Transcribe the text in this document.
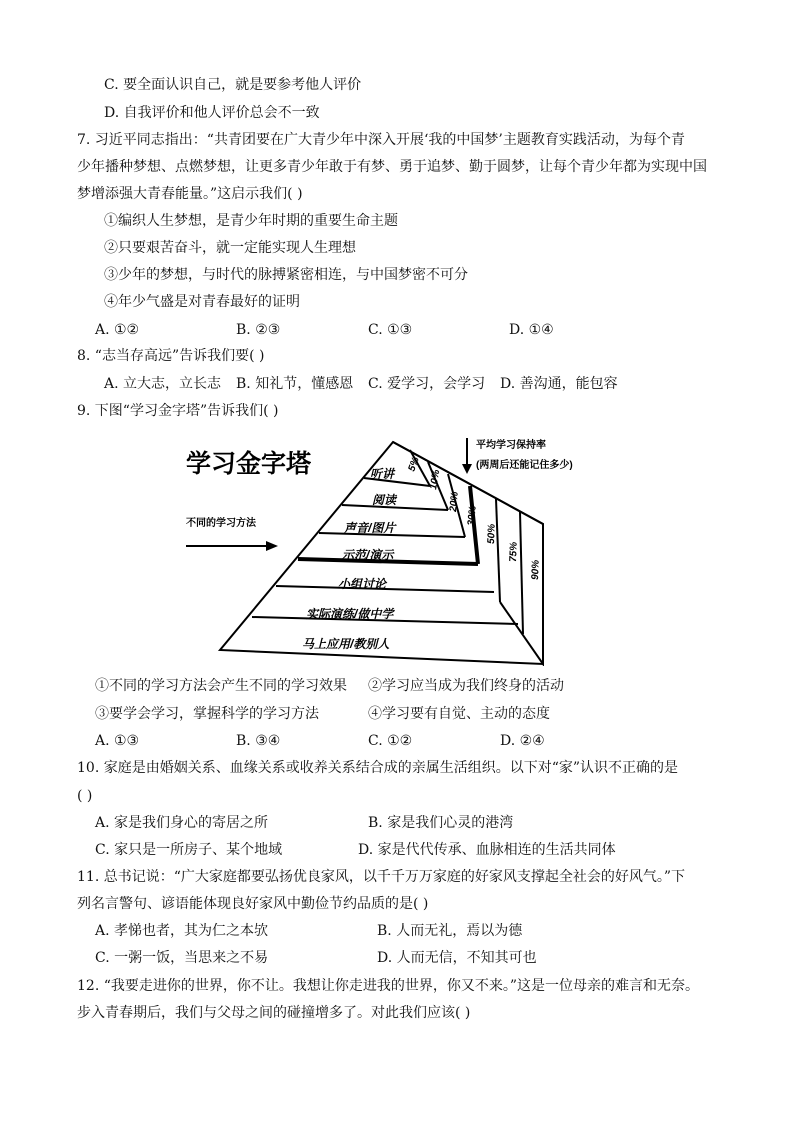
C. 要全面认识自己，就是要参考他人评价
D. 自我评价和他人评价总会不一致
7. 习近平同志指出：“共青团要在广大青少年中深入开展‘我的中国梦’主题教育实践活动，为每个青
少年播种梦想、点燃梦想，让更多青少年敢于有梦、勇于追梦、勤于圆梦，让每个青少年都为实现中国
梦增添强大青春能量。”这启示我们( )
①编织人生梦想，是青少年时期的重要生命主题
②只要艰苦奋斗，就一定能实现人生理想
③少年的梦想，与时代的脉搏紧密相连，与中国梦密不可分
④年少气盛是对青春最好的证明
A. ①②	B. ②③	C. ①③	D. ①④
8. “志当存高远”告诉我们要( )
A. 立大志，立长志 B. 知礼节，懂感恩 C. 爱学习，会学习 D. 善沟通，能包容
9. 下图“学习金字塔”告诉我们( )
学习金字塔
平均学习保持率
(两周后还能记住多少)
不同的学习方法
听讲
阅读
声音/图片
示范/演示
小组讨论
实际演练/做中学
马上应用/教别人
5%
10%
20%
30%
50%
75%
90%
①不同的学习方法会产生不同的学习效果 ②学习应当成为我们终身的活动
③要学会学习，掌握科学的学习方法	④学习要有自觉、主动的态度
A. ①③	B. ③④	C. ①②	D. ②④
10. 家庭是由婚姻关系、血缘关系或收养关系结合成的亲属生活组织。以下对“家”认识不正确的是
( )
A. 家是我们身心的寄居之所	B. 家是我们心灵的港湾
C. 家只是一所房子、某个地域	D. 家是代代传承、血脉相连的生活共同体
11. 总书记说：“广大家庭都要弘扬优良家风，以千千万万家庭的好家风支撑起全社会的好风气。”下
列名言警句、谚语能体现良好家风中勤俭节约品质的是( )
A. 孝悌也者，其为仁之本欤	B. 人而无礼，焉以为德
C. 一粥一饭，当思来之不易	D. 人而无信，不知其可也
12. “我要走进你的世界，你不让。我想让你走进我的世界，你又不来。”这是一位母亲的难言和无奈。
步入青春期后，我们与父母之间的碰撞增多了。对此我们应该( )
